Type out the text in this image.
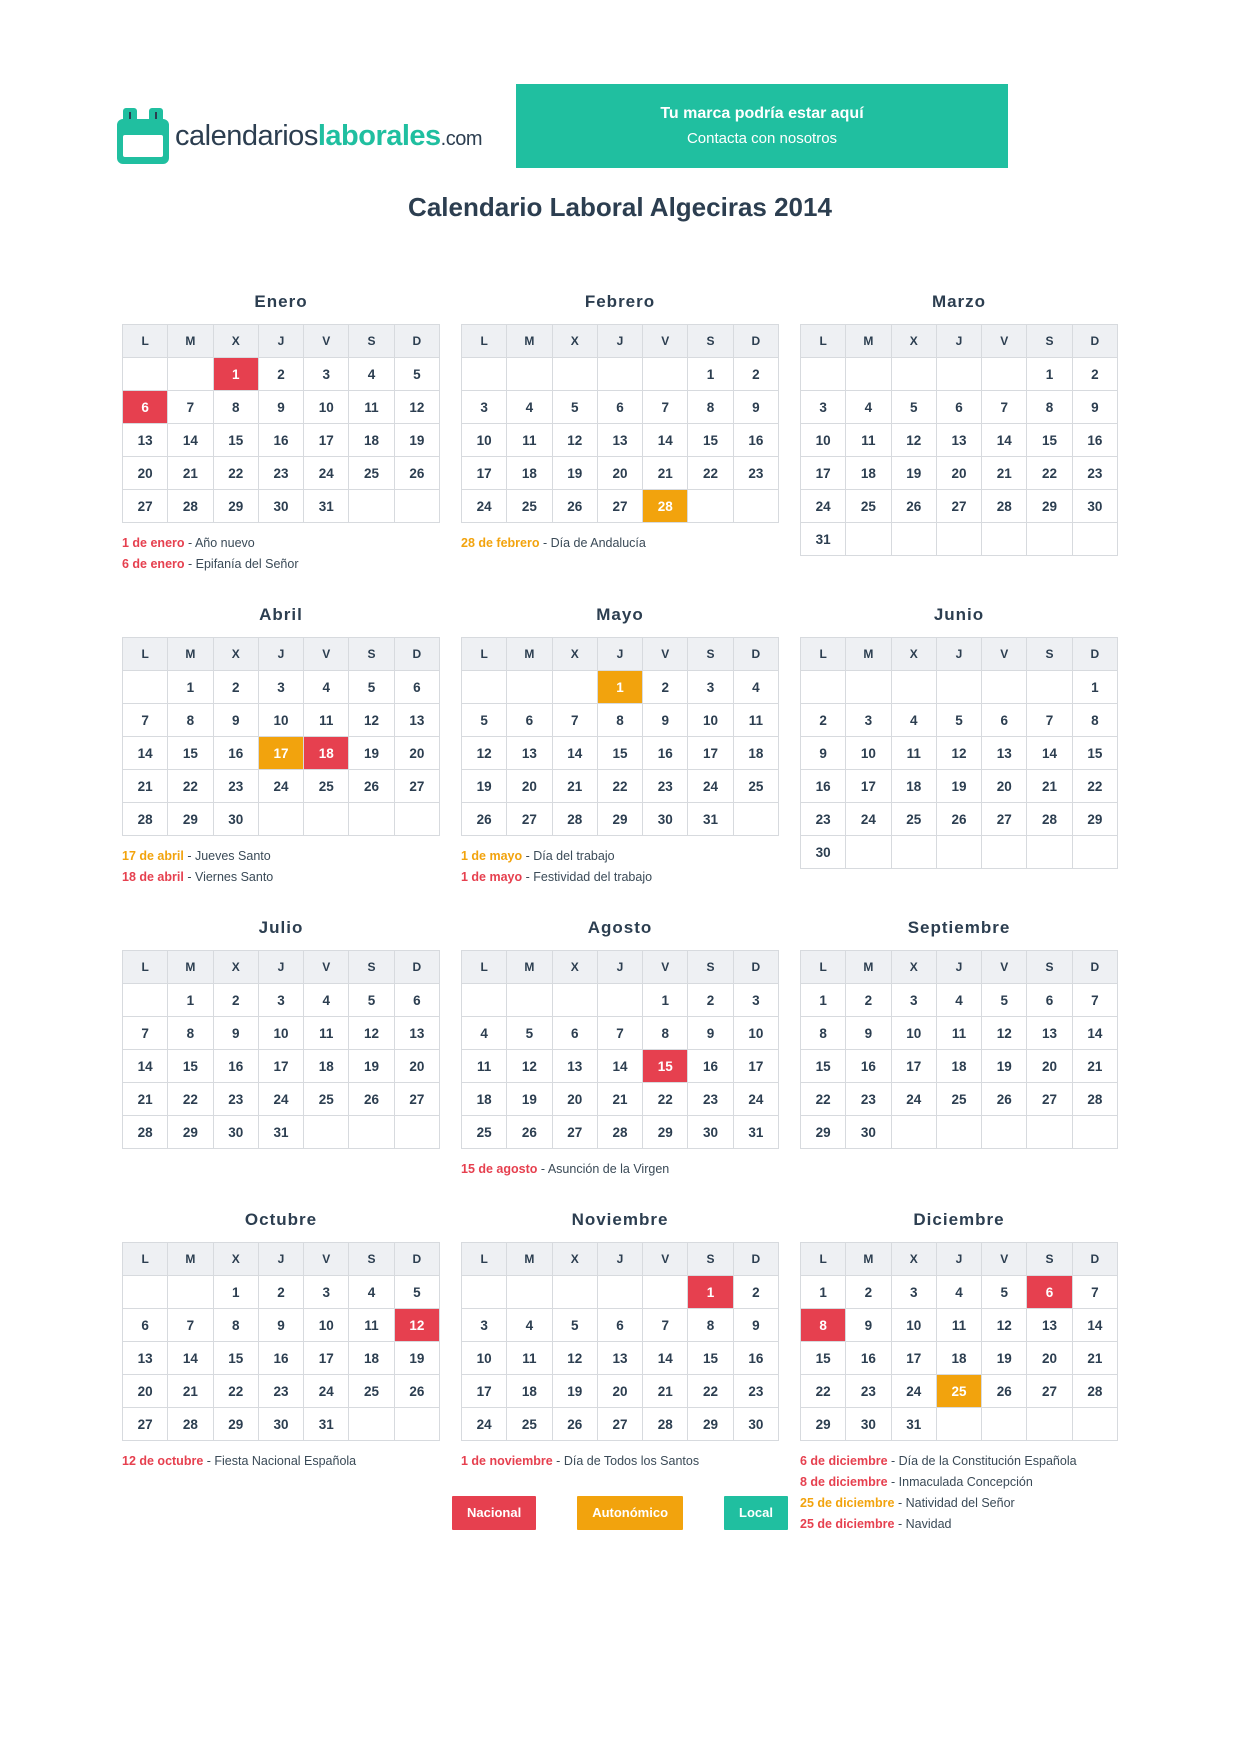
calendarioslaborales.com
Tu marca podría estar aquí
Contacta con nosotros
Calendario Laboral Algeciras 2014
Enero
L	M	X	J	V	S	D
		1	2	3	4	5
6	7	8	9	10	11	12
13	14	15	16	17	18	19
20	21	22	23	24	25	26
27	28	29	30	31		
1 de enero - Año nuevo
6 de enero - Epifanía del Señor
Febrero
L	M	X	J	V	S	D
					1	2
3	4	5	6	7	8	9
10	11	12	13	14	15	16
17	18	19	20	21	22	23
24	25	26	27	28		
28 de febrero - Día de Andalucía
Marzo
L	M	X	J	V	S	D
					1	2
3	4	5	6	7	8	9
10	11	12	13	14	15	16
17	18	19	20	21	22	23
24	25	26	27	28	29	30
31						
Abril
L	M	X	J	V	S	D
	1	2	3	4	5	6
7	8	9	10	11	12	13
14	15	16	17	18	19	20
21	22	23	24	25	26	27
28	29	30				
17 de abril - Jueves Santo
18 de abril - Viernes Santo
Mayo
L	M	X	J	V	S	D
			1	2	3	4
5	6	7	8	9	10	11
12	13	14	15	16	17	18
19	20	21	22	23	24	25
26	27	28	29	30	31	
1 de mayo - Día del trabajo
1 de mayo - Festividad del trabajo
Junio
L	M	X	J	V	S	D
						1
2	3	4	5	6	7	8
9	10	11	12	13	14	15
16	17	18	19	20	21	22
23	24	25	26	27	28	29
30						
Julio
L	M	X	J	V	S	D
	1	2	3	4	5	6
7	8	9	10	11	12	13
14	15	16	17	18	19	20
21	22	23	24	25	26	27
28	29	30	31			
Agosto
L	M	X	J	V	S	D
				1	2	3
4	5	6	7	8	9	10
11	12	13	14	15	16	17
18	19	20	21	22	23	24
25	26	27	28	29	30	31
15 de agosto - Asunción de la Virgen
Septiembre
L	M	X	J	V	S	D
1	2	3	4	5	6	7
8	9	10	11	12	13	14
15	16	17	18	19	20	21
22	23	24	25	26	27	28
29	30					
Octubre
L	M	X	J	V	S	D
		1	2	3	4	5
6	7	8	9	10	11	12
13	14	15	16	17	18	19
20	21	22	23	24	25	26
27	28	29	30	31		
12 de octubre - Fiesta Nacional Española
Noviembre
L	M	X	J	V	S	D
					1	2
3	4	5	6	7	8	9
10	11	12	13	14	15	16
17	18	19	20	21	22	23
24	25	26	27	28	29	30
1 de noviembre - Día de Todos los Santos
Diciembre
L	M	X	J	V	S	D
1	2	3	4	5	6	7
8	9	10	11	12	13	14
15	16	17	18	19	20	21
22	23	24	25	26	27	28
29	30	31				
6 de diciembre - Día de la Constitución Española
8 de diciembre - Inmaculada Concepción
25 de diciembre - Natividad del Señor
25 de diciembre - Navidad
Nacional	Autonómico	Local
